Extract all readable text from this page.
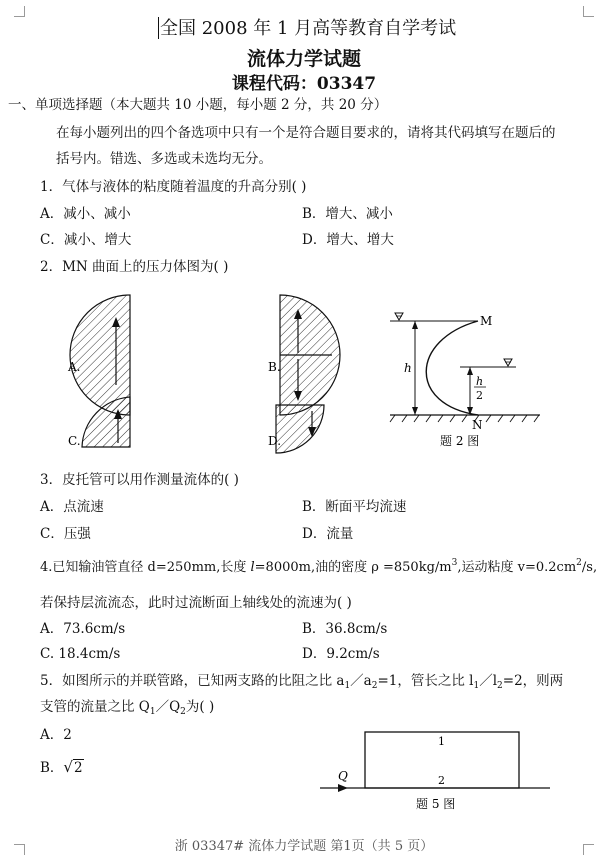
全国 2008 年 1 月高等教育自学考试
流体力学试题
课程代码：03347
一、单项选择题（本大题共 10 小题，每小题 2 分，共 20 分）
在每小题列出的四个备选项中只有一个是符合题目要求的，请将其代码填写在题后的
括号内。错选、多选或未选均无分。
1．气体与液体的粘度随着温度的升高分别( )
A．减小、减小	B．增大、减小
C．减小、增大	D．增大、增大
2．MN 曲面上的压力体图为( )
A.	B.
C.	D.
M
N
h
h
2
题 2 图
3．皮托管可以用作测量流体的( )
A．点流速	B．断面平均流速
C．压强	D．流量
4.已知输油管直径 d=250mm,长度 l=8000m,油的密度 $\rho =850kg/m^3$,运动粘度 $v=0.2cm^2/s$,
若保持层流流态，此时过流断面上轴线处的流速为( )
A．73.6cm/s	B．36.8cm/s
C. 18.4cm/s	D．9.2cm/s
5．如图所示的并联管路，已知两支路的比阻之比 $a_1/a_2=1$，管长之比 $l_1/l_2=2$，则两
支管的流量之比 $Q_1/Q_2$为( )
A．2
B．√2
1
2
Q
题 5 图
浙 03347# 流体力学试题 第1页（共 5 页）
